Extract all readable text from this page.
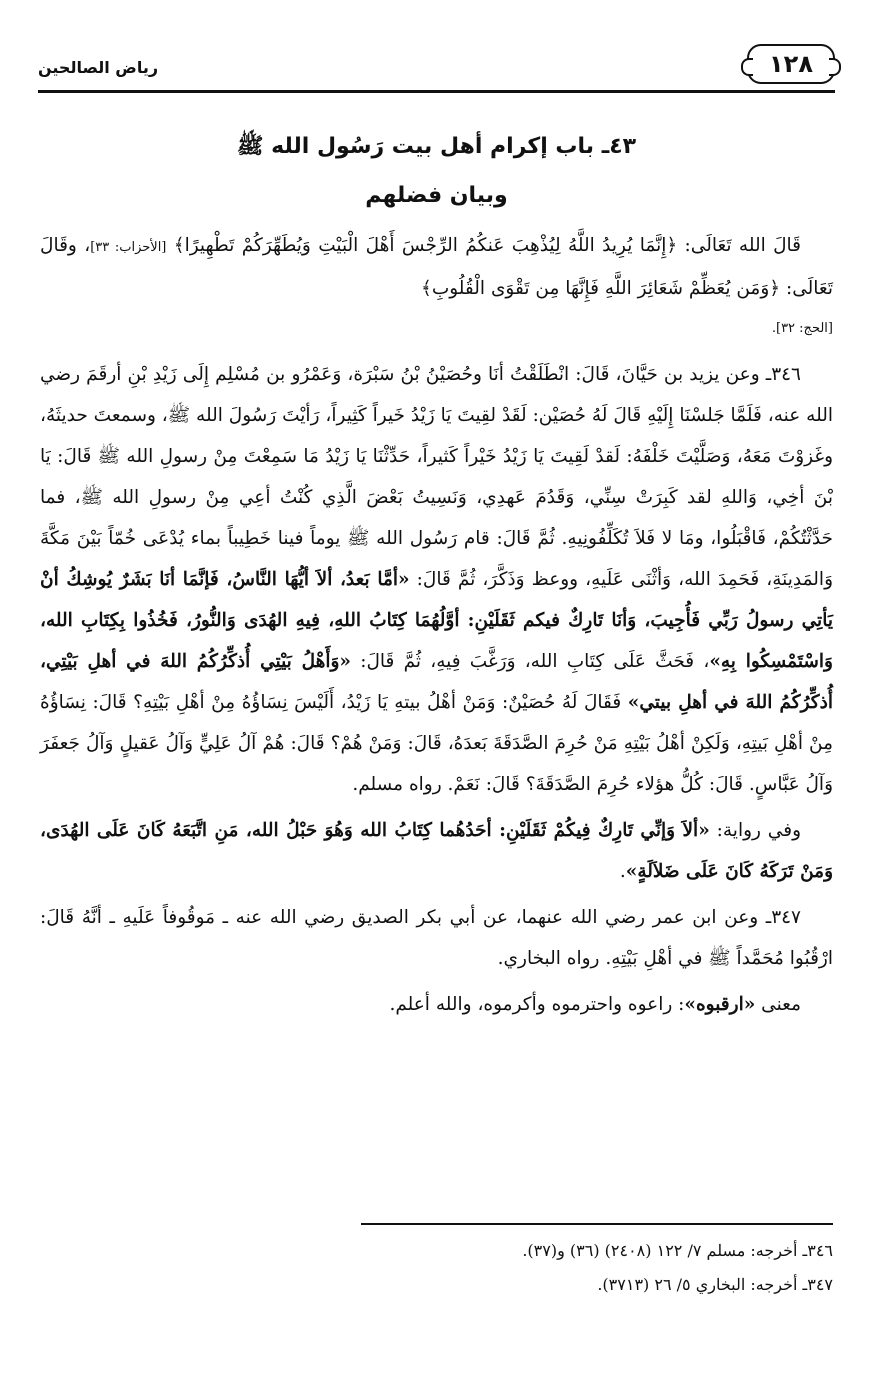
١٢٨
رياض الصالحين
٤٣ـ باب إكرام أهل بيت رَسُول الله ﷺ
وبيان فضلهم

قَالَ الله تَعَالَى: ﴿إِنَّمَا يُرِيدُ اللَّهُ لِيُذْهِبَ عَنكُمُ الرِّجْسَ أَهْلَ الْبَيْتِ وَيُطَهِّرَكُمْ تَطْهِيرًا﴾ [الأحزاب: ٣٣]، وقَالَ تَعَالَى: ﴿وَمَن يُعَظِّمْ شَعَائِرَ اللَّهِ فَإِنَّهَا مِن تَقْوَى الْقُلُوبِ﴾

[الحج: ٣٢].

٣٤٦ـ وعن يزيد بن حَيَّانَ، قَالَ: انْطَلَقْتُ أنَا وحُصَيْنُ بْنُ سَبْرَة، وَعَمْرُو بن مُسْلِم إِلَى زَيْدِ بْنِ أرقَمَ رضي الله عنه، فَلَمَّا جَلسْنَا إِلَيْهِ قَالَ لَهُ حُصَيْن: لَقَدْ لقِيتَ يَا زَيْدُ خَيراً كَثِيراً، رَأيْتَ رَسُولَ الله ﷺ، وسمعتَ حديثَهُ، وغَزوْتَ مَعَهُ، وَصَلَّيْتَ خَلْفَهُ: لَقدْ لَقِيتَ يَا زَيْدُ خَيْراً كَثيراً، حَدِّثْنَا يَا زَيْدُ مَا سَمِعْتَ مِنْ رسولِ الله ﷺ قَالَ: يَا بْنَ أخِي، وَاللهِ لقد كَبِرَتْ سِنِّي، وَقَدُمَ عَهدِي، وَنَسِيتُ بَعْضَ الَّذِي كُنْتُ أعِي مِنْ رسولِ الله ﷺ، فما حَدَّثْتُكُمْ، فَاقْبَلُوا، ومَا لا فَلاَ تُكَلِّفُونِيهِ. ثُمَّ قَالَ: قام رَسُول الله ﷺ يوماً فينا خَطِيباً بماء يُدْعَى خُمّاً بَيْنَ مَكَّةَ وَالمَدِينَةِ، فَحَمِدَ الله، وَأثْنَى عَلَيهِ، ووعظ وَذَكَّرَ، ثُمَّ قَالَ: «أمَّا بَعدُ، ألاَ أيُّهَا النَّاسُ، فَإنَّمَا أنَا بَشَرٌ يُوشِكُ أنْ يَأتِي رسولُ رَبِّي فَأُجِيبَ، وَأنَا تَارِكٌ فيكم ثَقَلَيْنِ: أوَّلُهُمَا كِتَابُ اللهِ، فِيهِ الهُدَى وَالنُّورُ، فَخُذُوا بِكِتَابِ الله، وَاسْتَمْسِكُوا بِهِ»، فَحَثَّ عَلَى كِتَابِ الله، وَرَغَّبَ فِيهِ، ثُمَّ قَالَ: «وَأَهْلُ بَيْتِي أُذكِّرُكُمُ اللهَ في أهلِ بَيْتِي، أُذكِّرُكُمُ اللهَ في أهلِ بيتي» فَقَالَ لَهُ حُصَيْنٌ: وَمَنْ أهْلُ بيتهِ يَا زَيْدُ، أَلَيْسَ نِسَاؤُهُ مِنْ أهْلِ بَيْتِهِ؟ قَالَ: نِسَاؤُهُ مِنْ أهْلِ بَيتِهِ، وَلَكِنْ أهْلُ بَيْتِهِ مَنْ حُرِمَ الصَّدَقَةَ بَعدَهُ، قَالَ: وَمَنْ هُمْ؟ قَالَ: هُمْ آلُ عَلِيٍّ وَآلُ عَقيلٍ وَآلُ جَعفَرَ وَآلُ عَبَّاسٍ. قَالَ: كُلُّ هؤلاء حُرِمَ الصَّدَقَةَ؟ قَالَ: نَعَمْ. رواه مسلم.

وفي رواية: «ألاَ وَإنِّي تَارِكٌ فِيكُمْ ثَقَلَيْنِ: أحَدُهُما كِتَابُ الله وَهُوَ حَبْلُ الله، مَنِ اتَّبَعَهُ كَانَ عَلَى الهُدَى، وَمَنْ تَرَكَهُ كَانَ عَلَى ضَلاَلَةٍ».

٣٤٧ـ وعن ابن عمر رضي الله عنهما، عن أبي بكر الصديق رضي الله عنه ـ مَوقُوفاً عَلَيهِ ـ أنَّهُ قَالَ: ارْقُبُوا مُحَمَّداً ﷺ في أهْلِ بَيْتِهِ. رواه البخاري.

معنى «ارقبوه»: راعوه واحترموه وأكرموه، والله أعلم.

٣٤٦ـ أخرجه: مسلم ٧/ ١٢٢ (٢٤٠٨) (٣٦) و(٣٧).
٣٤٧ـ أخرجه: البخاري ٥/ ٢٦ (٣٧١٣).
